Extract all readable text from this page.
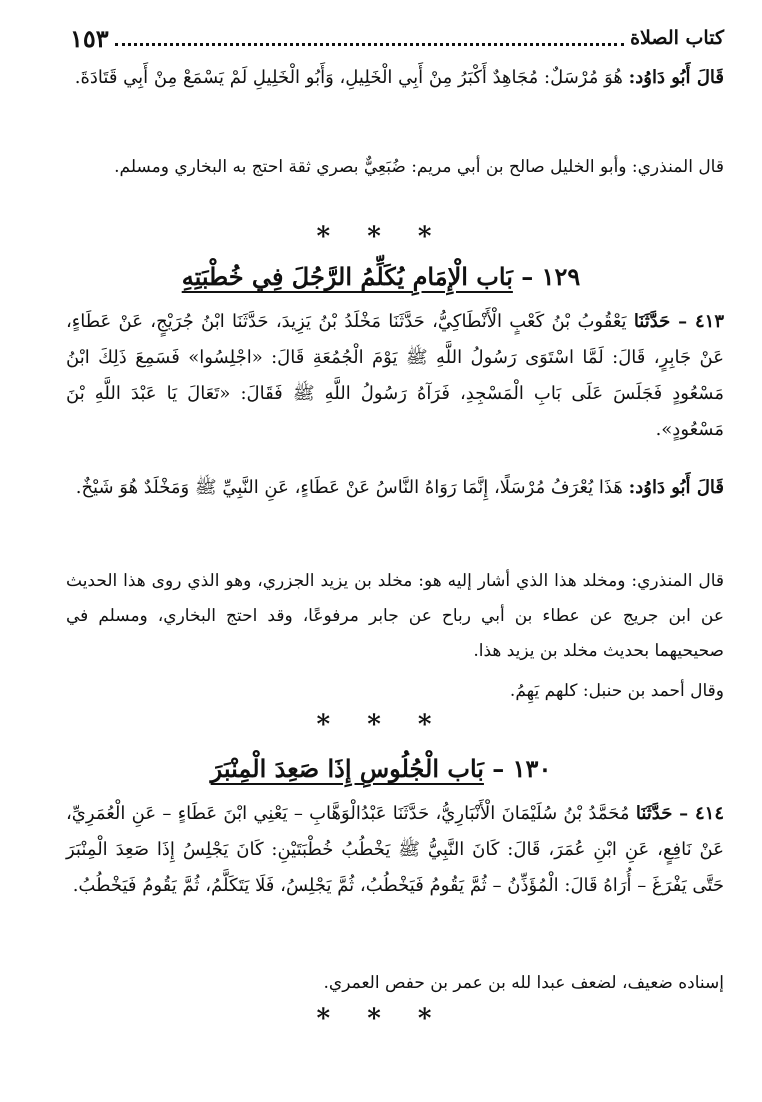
كتاب الصلاة
١٥٣

قَالَ أَبُو دَاوُد: هُوَ مُرْسَلٌ: مُجَاهِدٌ أَكْبَرُ مِنْ أَبِي الْخَلِيلِ، وَأَبُو الْخَلِيلِ لَمْ يَسْمَعْ مِنْ أَبِي قَتَادَةَ.

قال المنذري: وأبو الخليل صالح بن أبي مريم: ضُبَعِيٌّ بصري ثقة احتج به البخاري ومسلم.

* * *
١٢٩ – بَاب الْإِمَامِ يُكَلِّمُ الرَّجُلَ فِي خُطْبَتِهِ

٤١٣ – حَدَّثَنَا يَعْقُوبُ بْنُ كَعْبٍ الْأَنْطَاكِيُّ، حَدَّثَنَا مَخْلَدُ بْنُ يَزِيدَ، حَدَّثَنَا ابْنُ جُرَيْجٍ، عَنْ عَطَاءٍ، عَنْ جَابِرٍ، قَالَ: لَمَّا اسْتَوَى رَسُولُ اللَّهِ ﷺ يَوْمَ الْجُمُعَةِ قَالَ: «اجْلِسُوا» فَسَمِعَ ذَلِكَ ابْنُ مَسْعُودٍ فَجَلَسَ عَلَى بَابِ الْمَسْجِدِ، فَرَآهُ رَسُولُ اللَّهِ ﷺ فَقَالَ: «تَعَالَ يَا عَبْدَ اللَّهِ بْنَ مَسْعُودٍ».

قَالَ أَبُو دَاوُد: هَذَا يُعْرَفُ مُرْسَلًا، إِنَّمَا رَوَاهُ النَّاسُ عَنْ عَطَاءٍ، عَنِ النَّبِيِّ ﷺ وَمَخْلَدٌ هُوَ شَيْخٌ.

قال المنذري: ومخلد هذا الذي أشار إليه هو: مخلد بن يزيد الجزري، وهو الذي روى هذا الحديث عن ابن جريج عن عطاء بن أبي رباح عن جابر مرفوعًا، وقد احتج البخاري، ومسلم في صحيحيهما بحديث مخلد بن يزيد هذا.

وقال أحمد بن حنبل: كلهم يَهِمُ.

* * *
١٣٠ – بَاب الْجُلُوسِ إِذَا صَعِدَ الْمِنْبَرَ

٤١٤ – حَدَّثَنَا مُحَمَّدُ بْنُ سُلَيْمَانَ الْأَنْبَارِيُّ، حَدَّثَنَا عَبْدُالْوَهَّابِ – يَعْنِي ابْنَ عَطَاءٍ – عَنِ الْعُمَرِيِّ، عَنْ نَافِعٍ، عَنِ ابْنِ عُمَرَ، قَالَ: كَانَ النَّبِيُّ ﷺ يَخْطُبُ خُطْبَتَيْنِ: كَانَ يَجْلِسُ إِذَا صَعِدَ الْمِنْبَرَ حَتَّى يَفْرَغَ – أُرَاهُ قَالَ: الْمُؤَذِّنُ – ثُمَّ يَقُومُ فَيَخْطُبُ، ثُمَّ يَجْلِسُ، فَلَا يَتَكَلَّمُ، ثُمَّ يَقُومُ فَيَخْطُبُ.

إسناده ضعيف، لضعف عبدا لله بن عمر بن حفص العمري.

* * *
